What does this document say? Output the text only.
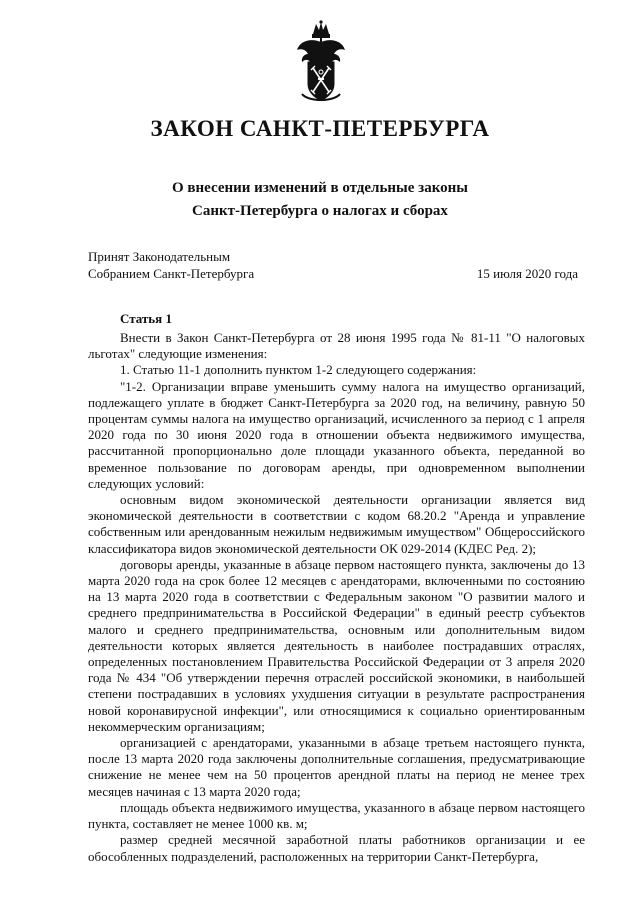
ЗАКОН САНКТ-ПЕТЕРБУРГА
О внесении изменений в отдельные законы
Санкт-Петербурга о налогах и сборах
Принят Законодательным
Собранием Санкт-Петербурга	15 июля 2020 года
Статья 1

Внести в Закон Санкт-Петербурга от 28 июня 1995 года № 81-11 "О налоговых льготах" следующие изменения:

1. Статью 11-1 дополнить пунктом 1-2 следующего содержания:

"1-2. Организации вправе уменьшить сумму налога на имущество организаций, подлежащего уплате в бюджет Санкт-Петербурга за 2020 год, на величину, равную 50 процентам суммы налога на имущество организаций, исчисленного за период с 1 апреля 2020 года по 30 июня 2020 года в отношении объекта недвижимого имущества, рассчитанной пропорционально доле площади указанного объекта, переданной во временное пользование по договорам аренды, при одновременном выполнении следующих условий:

основным видом экономической деятельности организации является вид экономической деятельности в соответствии с кодом 68.20.2 "Аренда и управление собственным или арендованным нежилым недвижимым имуществом" Общероссийского классификатора видов экономической деятельности ОК 029-2014 (КДЕС Ред. 2);

договоры аренды, указанные в абзаце первом настоящего пункта, заключены до 13 марта 2020 года на срок более 12 месяцев с арендаторами, включенными по состоянию на 13 марта 2020 года в соответствии с Федеральным законом "О развитии малого и среднего предпринимательства в Российской Федерации" в единый реестр субъектов малого и среднего предпринимательства, основным или дополнительным видом деятельности которых является деятельность в наиболее пострадавших отраслях, определенных постановлением Правительства Российской Федерации от 3 апреля 2020 года № 434 "Об утверждении перечня отраслей российской экономики, в наибольшей степени пострадавших в условиях ухудшения ситуации в результате распространения новой коронавирусной инфекции", или относящимися к социально ориентированным некоммерческим организациям;

организацией с арендаторами, указанными в абзаце третьем настоящего пункта, после 13 марта 2020 года заключены дополнительные соглашения, предусматривающие снижение не менее чем на 50 процентов арендной платы на период не менее трех месяцев начиная с 13 марта 2020 года;

площадь объекта недвижимого имущества, указанного в абзаце первом настоящего пункта, составляет не менее 1000 кв. м;

размер средней месячной заработной платы работников организации и ее обособленных подразделений, расположенных на территории Санкт-Петербурга,
